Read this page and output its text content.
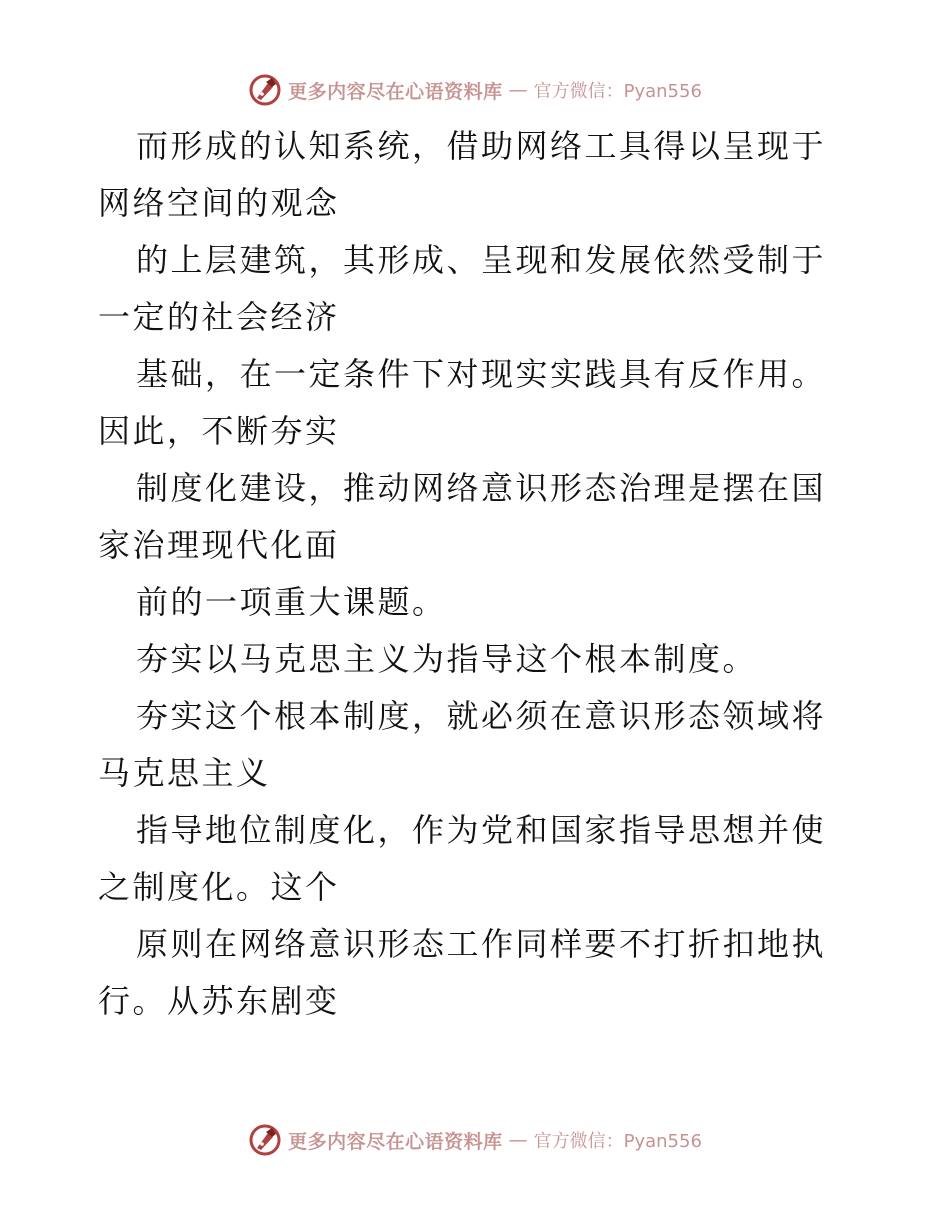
更多内容尽在心语资料库 — 官方微信：Pyan556

而形成的认知系统，借助网络工具得以呈现于网络空间的观念

的上层建筑，其形成、呈现和发展依然受制于一定的社会经济

基础，在一定条件下对现实实践具有反作用。因此，不断夯实

制度化建设，推动网络意识形态治理是摆在国家治理现代化面

前的一项重大课题。

夯实以马克思主义为指导这个根本制度。

夯实这个根本制度，就必须在意识形态领域将马克思主义

指导地位制度化，作为党和国家指导思想并使之制度化。这个

原则在网络意识形态工作同样要不打折扣地执行。从苏东剧变

更多内容尽在心语资料库 — 官方微信：Pyan556
